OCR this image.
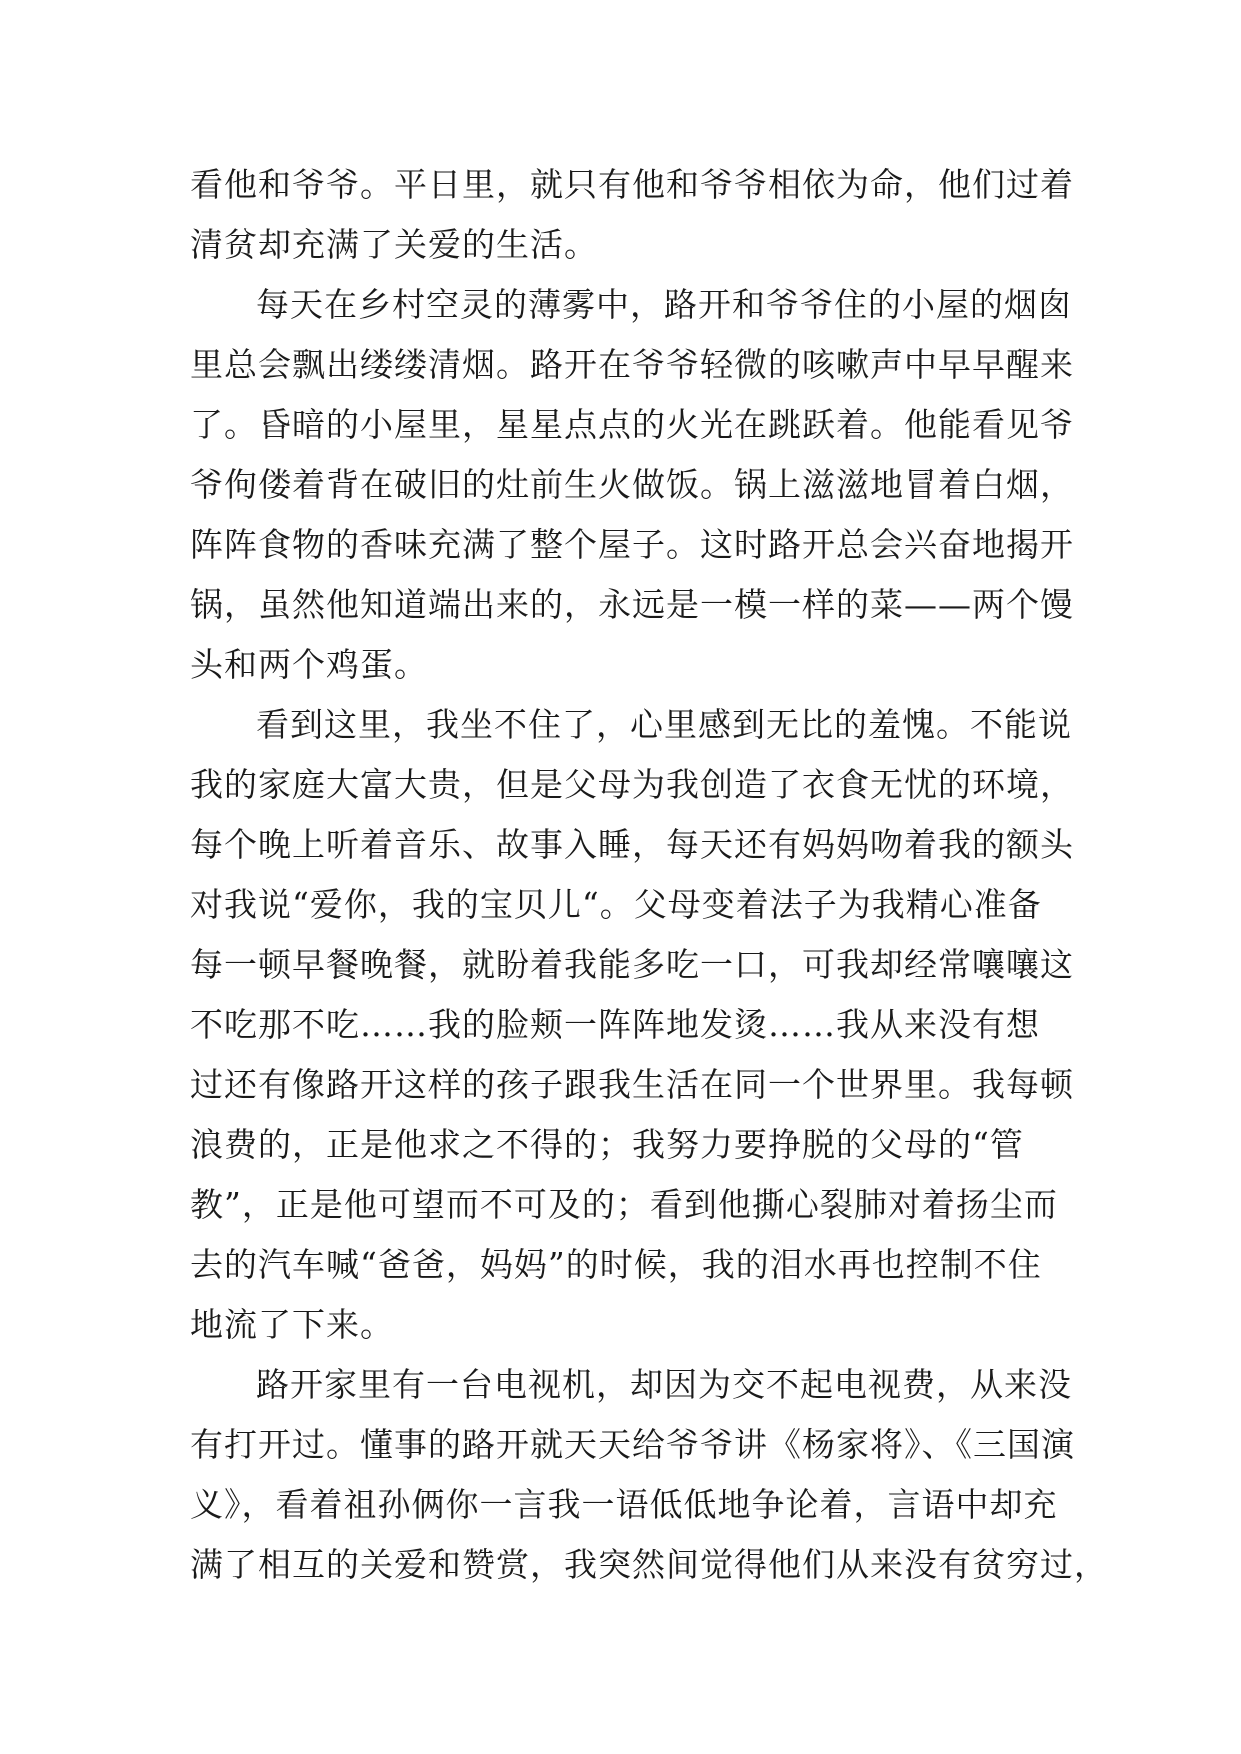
看他和爷爷。平日里，就只有他和爷爷相依为命，他们过着
清贫却充满了关爱的生活。
每天在乡村空灵的薄雾中，路开和爷爷住的小屋的烟囱
里总会飘出缕缕清烟。路开在爷爷轻微的咳嗽声中早早醒来
了。昏暗的小屋里，星星点点的火光在跳跃着。他能看见爷
爷佝偻着背在破旧的灶前生火做饭。锅上滋滋地冒着白烟，
阵阵食物的香味充满了整个屋子。这时路开总会兴奋地揭开
锅，虽然他知道端出来的，永远是一模一样的菜——两个馒
头和两个鸡蛋。
看到这里，我坐不住了，心里感到无比的羞愧。不能说
我的家庭大富大贵，但是父母为我创造了衣食无忧的环境，
每个晚上听着音乐、故事入睡，每天还有妈妈吻着我的额头
对我说“爱你，我的宝贝儿“。父母变着法子为我精心准备
每一顿早餐晚餐，就盼着我能多吃一口，可我却经常嚷嚷这
不吃那不吃……我的脸颊一阵阵地发烫……我从来没有想
过还有像路开这样的孩子跟我生活在同一个世界里。我每顿
浪费的，正是他求之不得的；我努力要挣脱的父母的“管
教”，正是他可望而不可及的；看到他撕心裂肺对着扬尘而
去的汽车喊“爸爸，妈妈”的时候，我的泪水再也控制不住
地流了下来。
路开家里有一台电视机，却因为交不起电视费，从来没
有打开过。懂事的路开就天天给爷爷讲《杨家将》、《三国演
义》，看着祖孙俩你一言我一语低低地争论着，言语中却充
满了相互的关爱和赞赏，我突然间觉得他们从来没有贫穷过，
